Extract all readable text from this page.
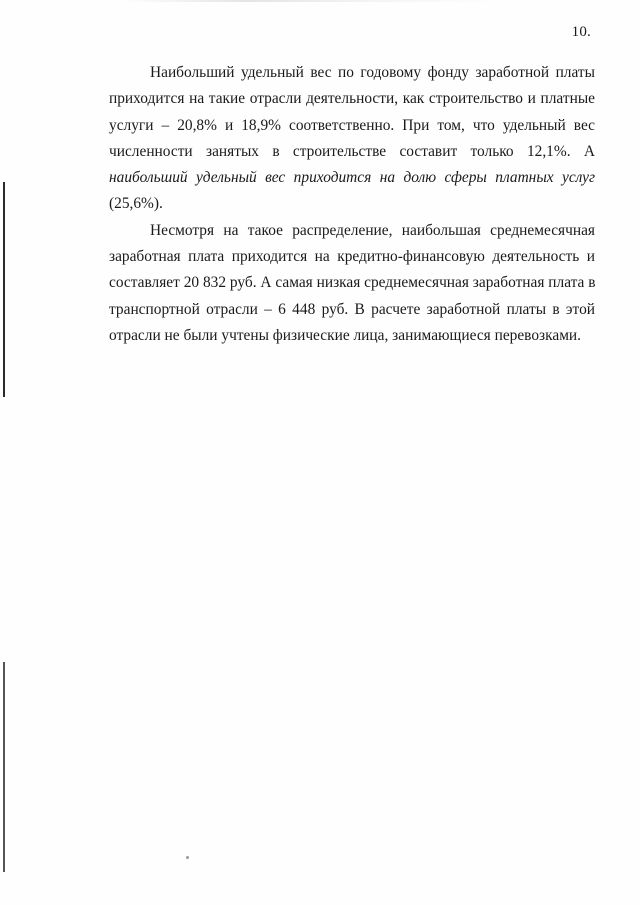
10.
Наибольший удельный вес по годовому фонду заработной платы
приходится на такие отрасли деятельности, как строительство и платные
услуги – 20,8% и 18,9% соответственно. При том, что удельный вес
численности занятых в строительстве составит только 12,1%. А
наибольший удельный вес приходится на долю сферы платных услуг
(25,6%).
Несмотря на такое распределение, наибольшая среднемесячная
заработная плата приходится на кредитно-финансовую деятельность и
составляет 20 832 руб. А самая низкая среднемесячная заработная плата в
транспортной отрасли – 6 448 руб. В расчете заработной платы в этой
отрасли не были учтены физические лица, занимающиеся перевозками.
